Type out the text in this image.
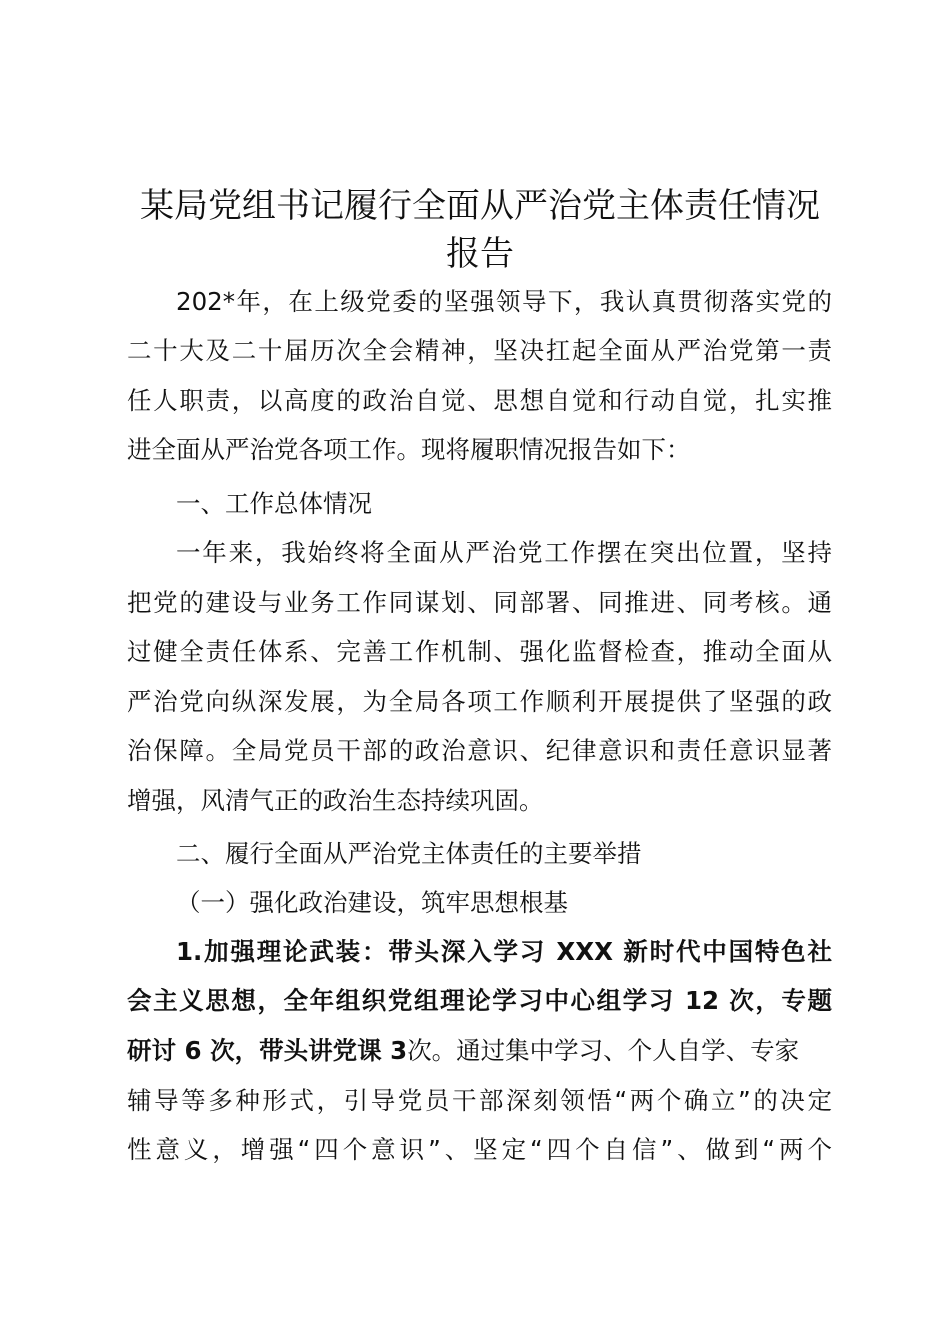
某局党组书记履行全面从严治党主体责任情况
报告

202*年，在上级党委的坚强领导下，我认真贯彻落实党的

二十大及二十届历次全会精神，坚决扛起全面从严治党第一责

任人职责，以高度的政治自觉、思想自觉和行动自觉，扎实推

进全面从严治党各项工作。现将履职情况报告如下：

一、工作总体情况

一年来，我始终将全面从严治党工作摆在突出位置，坚持

把党的建设与业务工作同谋划、同部署、同推进、同考核。通

过健全责任体系、完善工作机制、强化监督检查，推动全面从

严治党向纵深发展，为全局各项工作顺利开展提供了坚强的政

治保障。全局党员干部的政治意识、纪律意识和责任意识显著

增强，风清气正的政治生态持续巩固。

二、履行全面从严治党主体责任的主要举措

（一）强化政治建设，筑牢思想根基

1.加强理论武装：带头深入学习 XXX 新时代中国特色社

会主义思想，全年组织党组理论学习中心组学习 12 次，专题

研讨 6 次，带头讲党课 3次。通过集中学习、个人自学、专家

辅导等多种形式，引导党员干部深刻领悟“两个确立”的决定

性意义，增强“四个意识”、坚定“四个自信”、做到“两个
